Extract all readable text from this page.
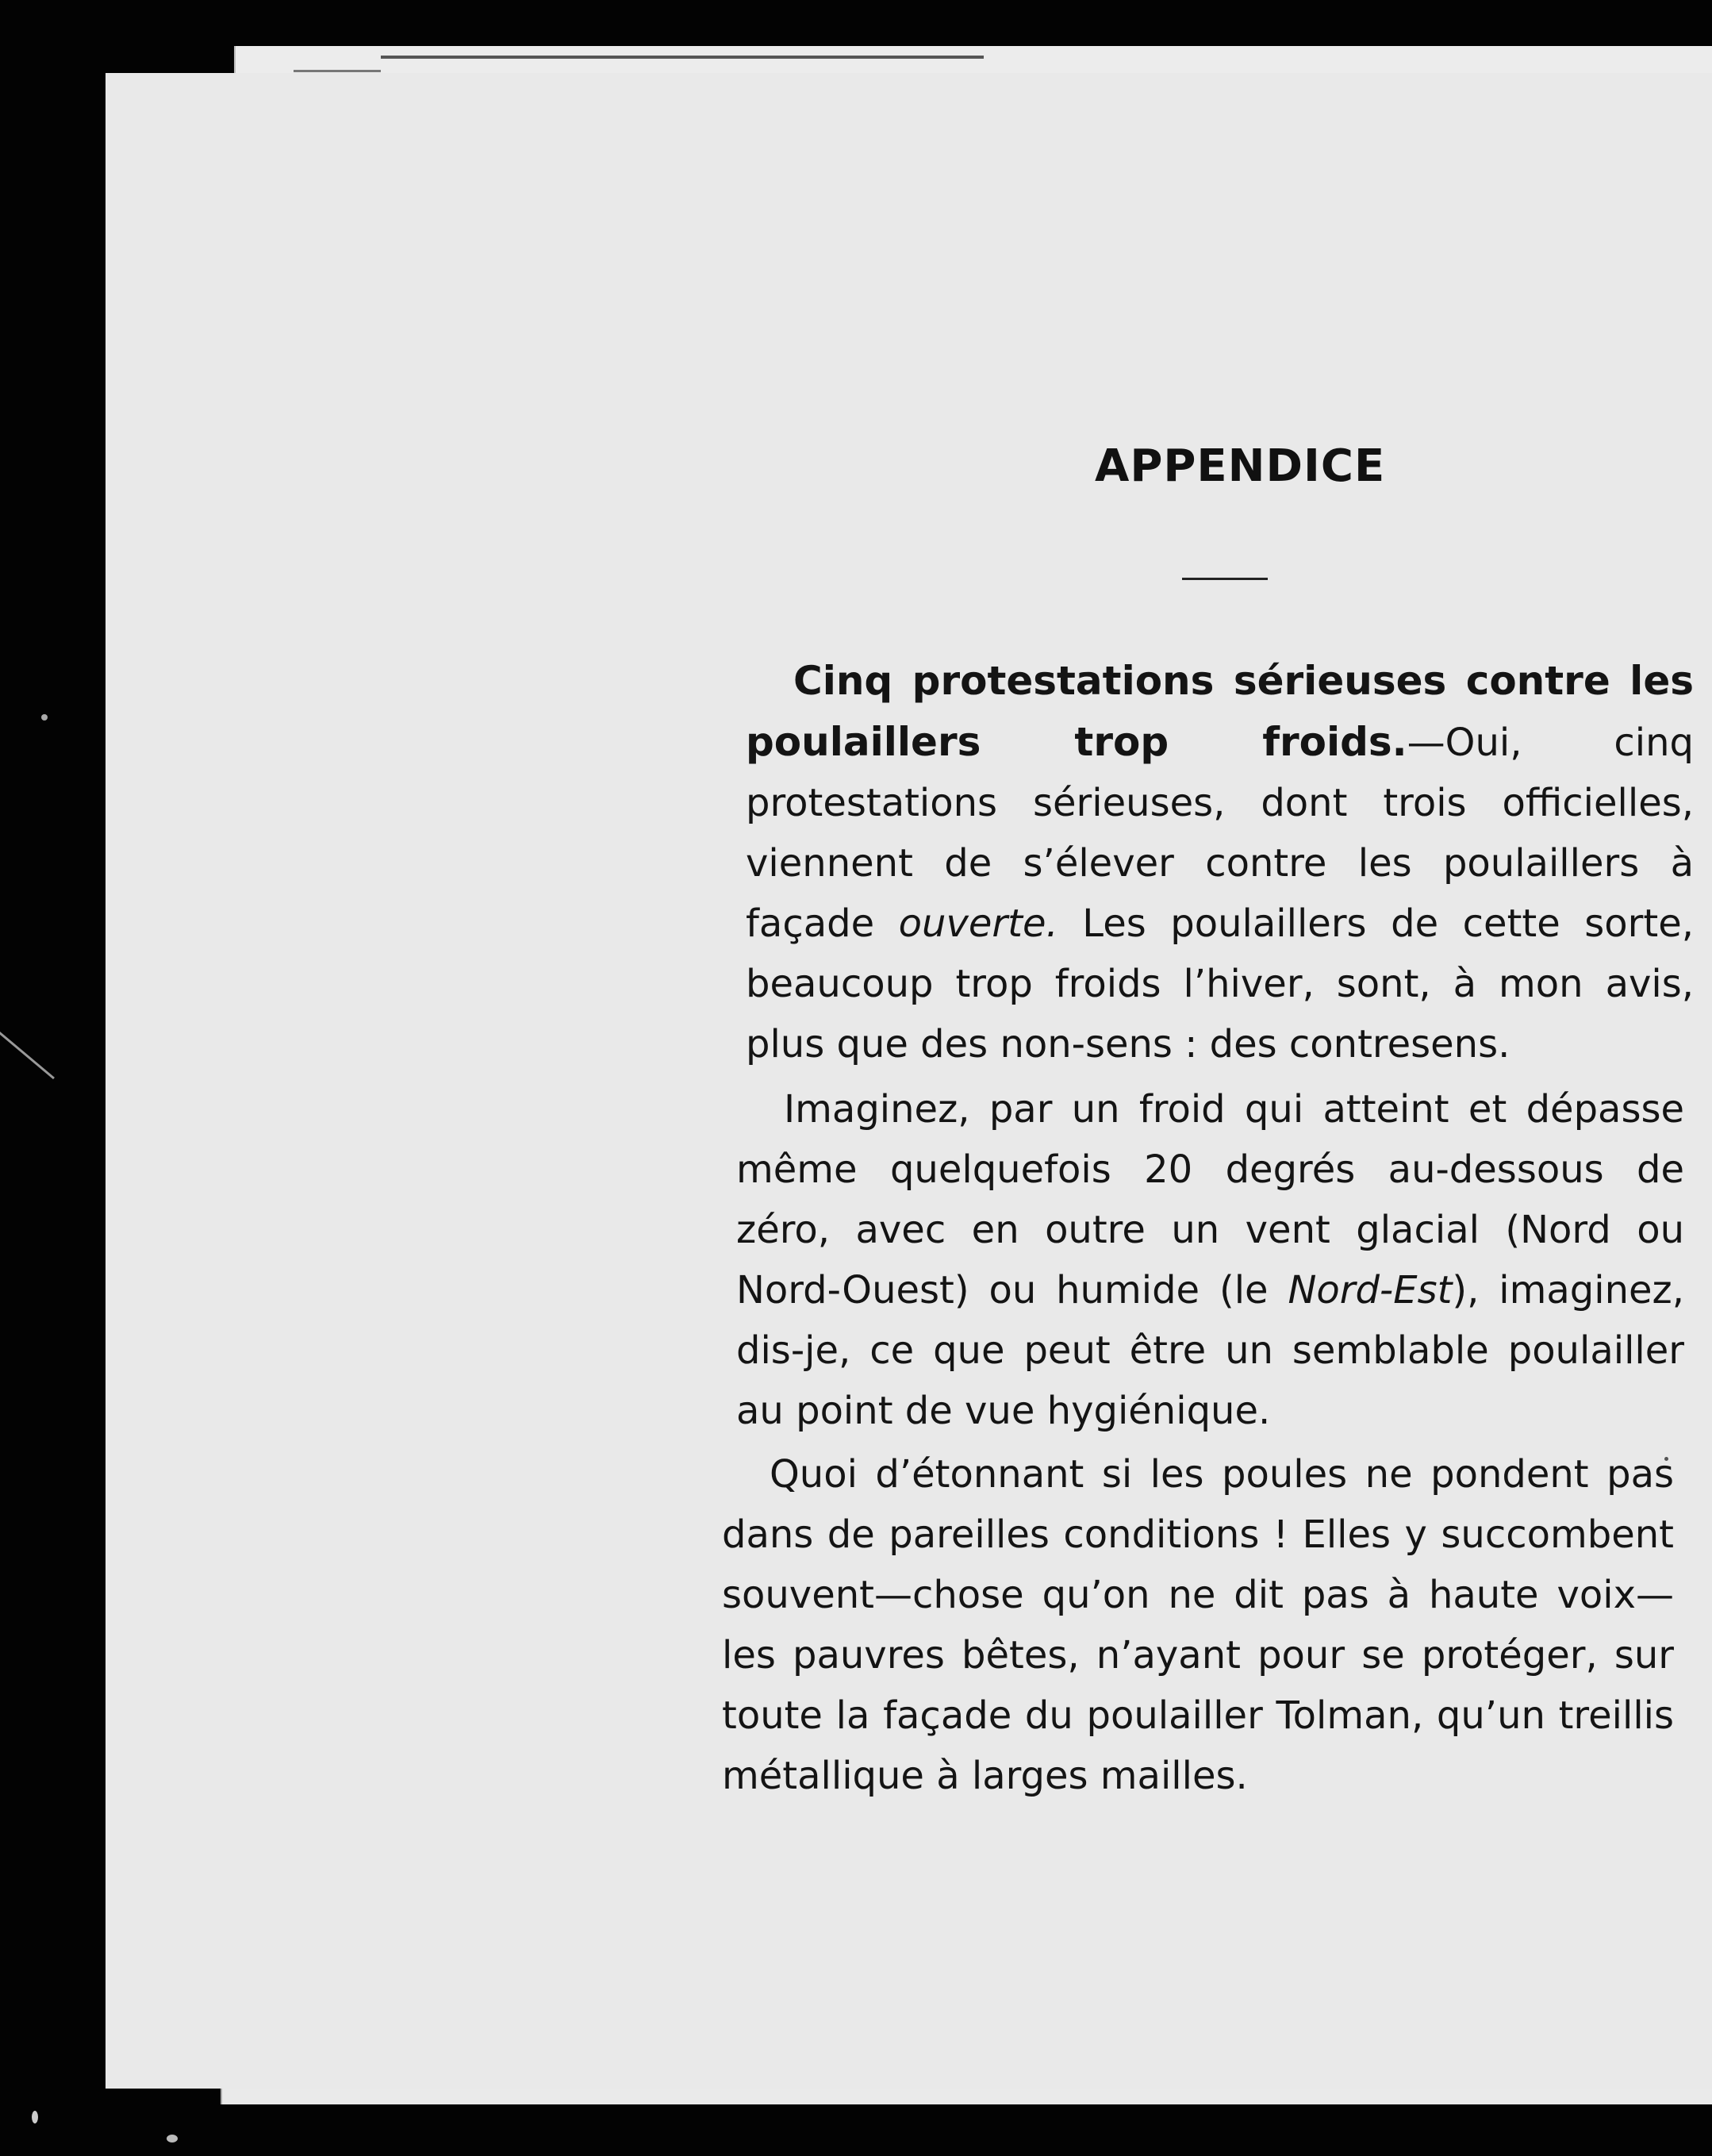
APPENDICE
Cinq protestations sérieuses contre les poulaillers trop froids.—Oui, cinq protestations sérieuses, dont trois officielles, viennent de s’élever contre les poulaillers à façade ouverte. Les poulaillers de cette sorte, beaucoup trop froids l’hiver, sont, à mon avis, plus que des non-sens : des contresens.
Imaginez, par un froid qui atteint et dépasse même quelquefois 20 degrés au-dessous de zéro, avec en outre un vent glacial (Nord ou Nord-Ouest) ou humide (le Nord-Est), imaginez, dis-je, ce que peut être un semblable poulailler au point de vue hygiénique.
Quoi d’étonnant si les poules ne pondent pas dans de pareilles conditions ! Elles y succombent souvent—chose qu’on ne dit pas à haute voix—les pauvres bêtes, n’ayant pour se protéger, sur toute la façade du poulailler Tolman, qu’un treillis métallique à larges mailles.
